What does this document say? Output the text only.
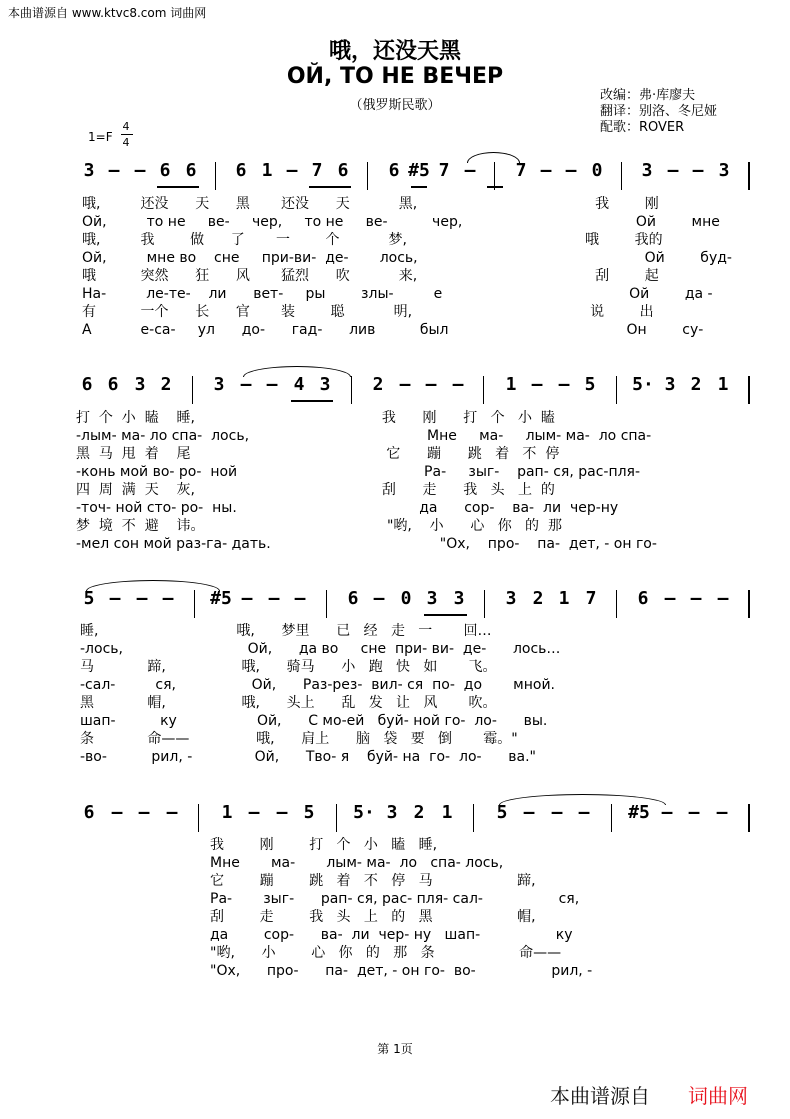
本曲谱源自 www.ktvc8.com 词曲网
哦，还没天黑
ОЙ, ТО НЕ ВЕЧЕР
（俄罗斯民歌）
改编：弗·库廖夫
翻译：别洛、冬尼娅
配歌：ROVER
1=F
4
4
3 – – 6 6	6 1 – 7 6	6 #5 7 –	7 – – 0	3 – – 3
哦,         还没      天      黑       还没      天           黑,                                        我        刚
Ой,         то не     ве-     чер,     то не     ве-          чер,                                       Ой        мне
哦,         我        做      了       一        个           梦,                                        哦        我的
Ой,         мне во    сне     при-ви-  де-       лось,                                                   Ой        буд-
哦          突然      狂      风       猛烈      吹           来,                                        刮        起
На-         ле-те-    ли      вет-     ры        злы-         е                                          Ой        да -
有          一个      长      官       装        聪           明,                                        说        出
А           е-са-     ул      до-      гад-      лив          был                                        Он        су-
6 6 3 2	3 – – 4 3	2 – – –	1 – – 5	5· 3 2 1
打  个  小  瞌    睡,                                          我      刚      打   个   小  瞌
-лым- ма- ло спа-  лось,                                        Мне     ма-     лым- ма-  ло спа-
黑  马  甩  着    尾                                            它      蹦      跳   着   不  停
-конь мой во- ро-  ной                                          Ра-     зыг-    рап- ся, рас-пля-
四  周  满  天    灰,                                          刮      走      我   头   上  的
-точ- ной сто- ро-  ны.                                         да      сор-    ва-  ли  чер-ну
梦  境  不  避    讳。                                         "哟,    小      心   你   的  那
-мел сон мой раз-га- дать.                                      "Ох,    про-    па-  дет, - он го-
5 – – –	#5 – – –	6 – 0 3 3	3 2 1 7	6 – – –
睡,                               哦,      梦里      已   经   走   一       回…
-лось,                            Ой,      да во     сне  при- ви-  де-      лось…
马            蹄,                 哦,      骑马      小   跑   快   如       飞。
-сал-         ся,                 Ой,      Раз-рез-  вил- ся  по-  до       мной.
黑            帽,                 哦,      头上      乱   发   让   风       吹。
шап-          ку                  Ой,      С мо-ей   буй- ной го-  ло-      вы.
条            命——               哦,      肩上      脑   袋   要   倒       霉。"
-во-          рил, -              Ой,      Тво- я    буй- на  го-  ло-      ва."
6 – – –	1 – – 5	5· 3 2 1	5 – – –	#5 – – –
我        刚        打   个   小   瞌   睡,
Мне       ма-       лым- ма-  ло   спа- лось,
它        蹦        跳   着   不   停   马                   蹄,
Ра-       зыг-      рап- ся, рас- пля- сал-                 ся,
刮        走        我   头   上   的   黑                   帽,
да        сор-      ва-  ли  чер- ну   шап-                 ку
"哟,      小        心   你   的   那   条                   命——
"Ох,      про-      па-  дет, - он го-  во-                 рил, -
第 1页
本曲谱源自 词曲网
